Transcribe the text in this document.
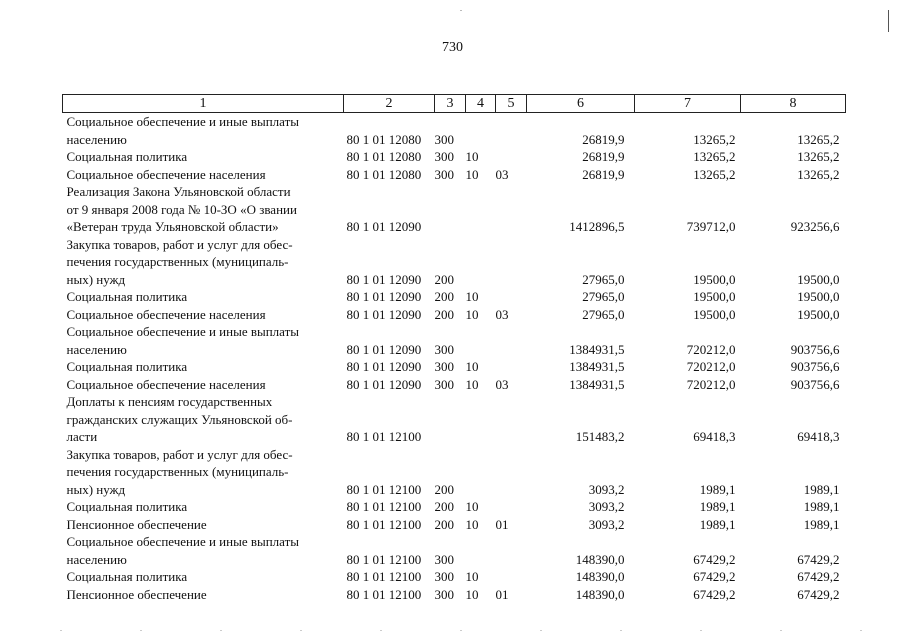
730
1	2	3	4	5	6	7	8

Социальное обеспечение и иные выплаты
населению	80 1 01 12080	300			26819,9	13265,2	13265,2

Социальная политика	80 1 01 12080	300	10		26819,9	13265,2	13265,2

Социальное обеспечение населения	80 1 01 12080	300	10	03	26819,9	13265,2	13265,2

Реализация Закона Ульяновской области
от 9 января 2008 года № 10-ЗО «О звании
«Ветеран труда Ульяновской области»	80 1 01 12090				1412896,5	739712,0	923256,6

Закупка товаров, работ и услуг для обес-
печения государственных (муниципаль-
ных) нужд	80 1 01 12090	200			27965,0	19500,0	19500,0

Социальная политика	80 1 01 12090	200	10		27965,0	19500,0	19500,0

Социальное обеспечение населения	80 1 01 12090	200	10	03	27965,0	19500,0	19500,0

Социальное обеспечение и иные выплаты
населению	80 1 01 12090	300			1384931,5	720212,0	903756,6

Социальная политика	80 1 01 12090	300	10		1384931,5	720212,0	903756,6

Социальное обеспечение населения	80 1 01 12090	300	10	03	1384931,5	720212,0	903756,6

Доплаты к пенсиям государственных
гражданских служащих Ульяновской об-
ласти	80 1 01 12100				151483,2	69418,3	69418,3

Закупка товаров, работ и услуг для обес-
печения государственных (муниципаль-
ных) нужд	80 1 01 12100	200			3093,2	1989,1	1989,1

Социальная политика	80 1 01 12100	200	10		3093,2	1989,1	1989,1

Пенсионное обеспечение	80 1 01 12100	200	10	01	3093,2	1989,1	1989,1

Социальное обеспечение и иные выплаты
населению	80 1 01 12100	300			148390,0	67429,2	67429,2

Социальная политика	80 1 01 12100	300	10		148390,0	67429,2	67429,2

Пенсионное обеспечение	80 1 01 12100	300	10	01	148390,0	67429,2	67429,2
